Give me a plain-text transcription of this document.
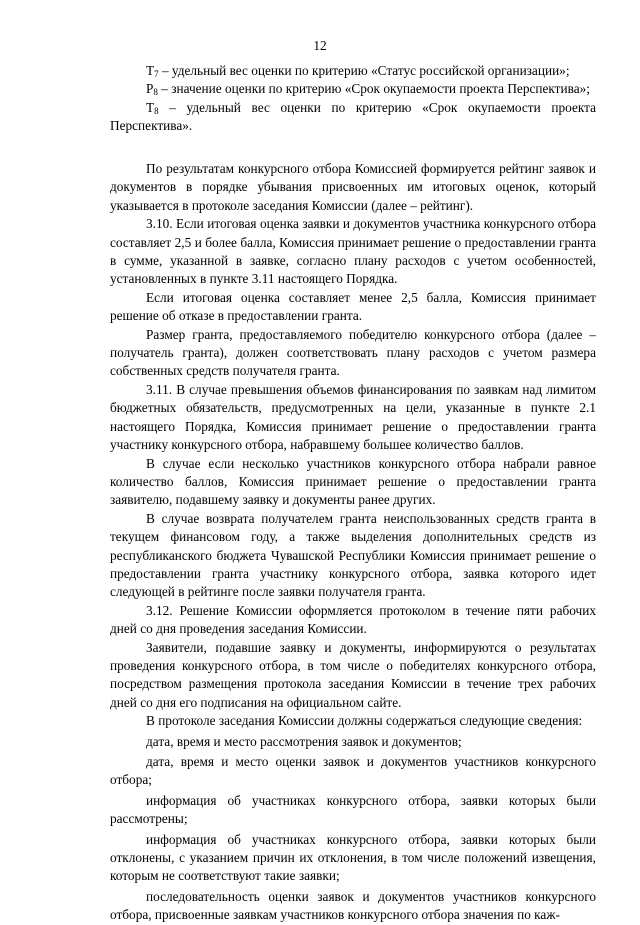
12
$T_7$ – удельный вес оценки по критерию «Статус российской организации»;
$P_8$ – значение оценки по критерию «Срок окупаемости проекта Перспектива»;
$T_8$ – удельный вес оценки по критерию «Срок окупаемости проекта Перспектива».
По результатам конкурсного отбора Комиссией формируется рейтинг заявок и документов в порядке убывания присвоенных им итоговых оценок, который указывается в протоколе заседания Комиссии (далее – рейтинг).
3.10. Если итоговая оценка заявки и документов участника конкурсного отбора составляет 2,5 и более балла, Комиссия принимает решение о предоставлении гранта в сумме, указанной в заявке, согласно плану расходов с учетом особенностей, установленных в пункте 3.11 настоящего Порядка.
Если итоговая оценка составляет менее 2,5 балла, Комиссия принимает решение об отказе в предоставлении гранта.
Размер гранта, предоставляемого победителю конкурсного отбора (далее – получатель гранта), должен соответствовать плану расходов с учетом размера собственных средств получателя гранта.
3.11. В случае превышения объемов финансирования по заявкам над лимитом бюджетных обязательств, предусмотренных на цели, указанные в пункте 2.1 настоящего Порядка, Комиссия принимает решение о предоставлении гранта участнику конкурсного отбора, набравшему большее количество баллов.
В случае если несколько участников конкурсного отбора набрали равное количество баллов, Комиссия принимает решение о предоставлении гранта заявителю, подавшему заявку и документы ранее других.
В случае возврата получателем гранта неиспользованных средств гранта в текущем финансовом году, а также выделения дополнительных средств из республиканского бюджета Чувашской Республики Комиссия принимает решение о предоставлении гранта участнику конкурсного отбора, заявка которого идет следующей в рейтинге после заявки получателя гранта.
3.12. Решение Комиссии оформляется протоколом в течение пяти рабочих дней со дня проведения заседания Комиссии.
Заявители, подавшие заявку и документы, информируются о результатах проведения конкурсного отбора, в том числе о победителях конкурсного отбора, посредством размещения протокола заседания Комиссии в течение трех рабочих дней со дня его подписания на официальном сайте.
В протоколе заседания Комиссии должны содержаться следующие сведения:
дата, время и место рассмотрения заявок и документов;
дата, время и место оценки заявок и документов участников конкурсного отбора;
информация об участниках конкурсного отбора, заявки которых были рассмотрены;
информация об участниках конкурсного отбора, заявки которых были отклонены, с указанием причин их отклонения, в том числе положений извещения, которым не соответствуют такие заявки;
последовательность оценки заявок и документов участников конкурсного отбора, присвоенные заявкам участников конкурсного отбора значения по каж-
